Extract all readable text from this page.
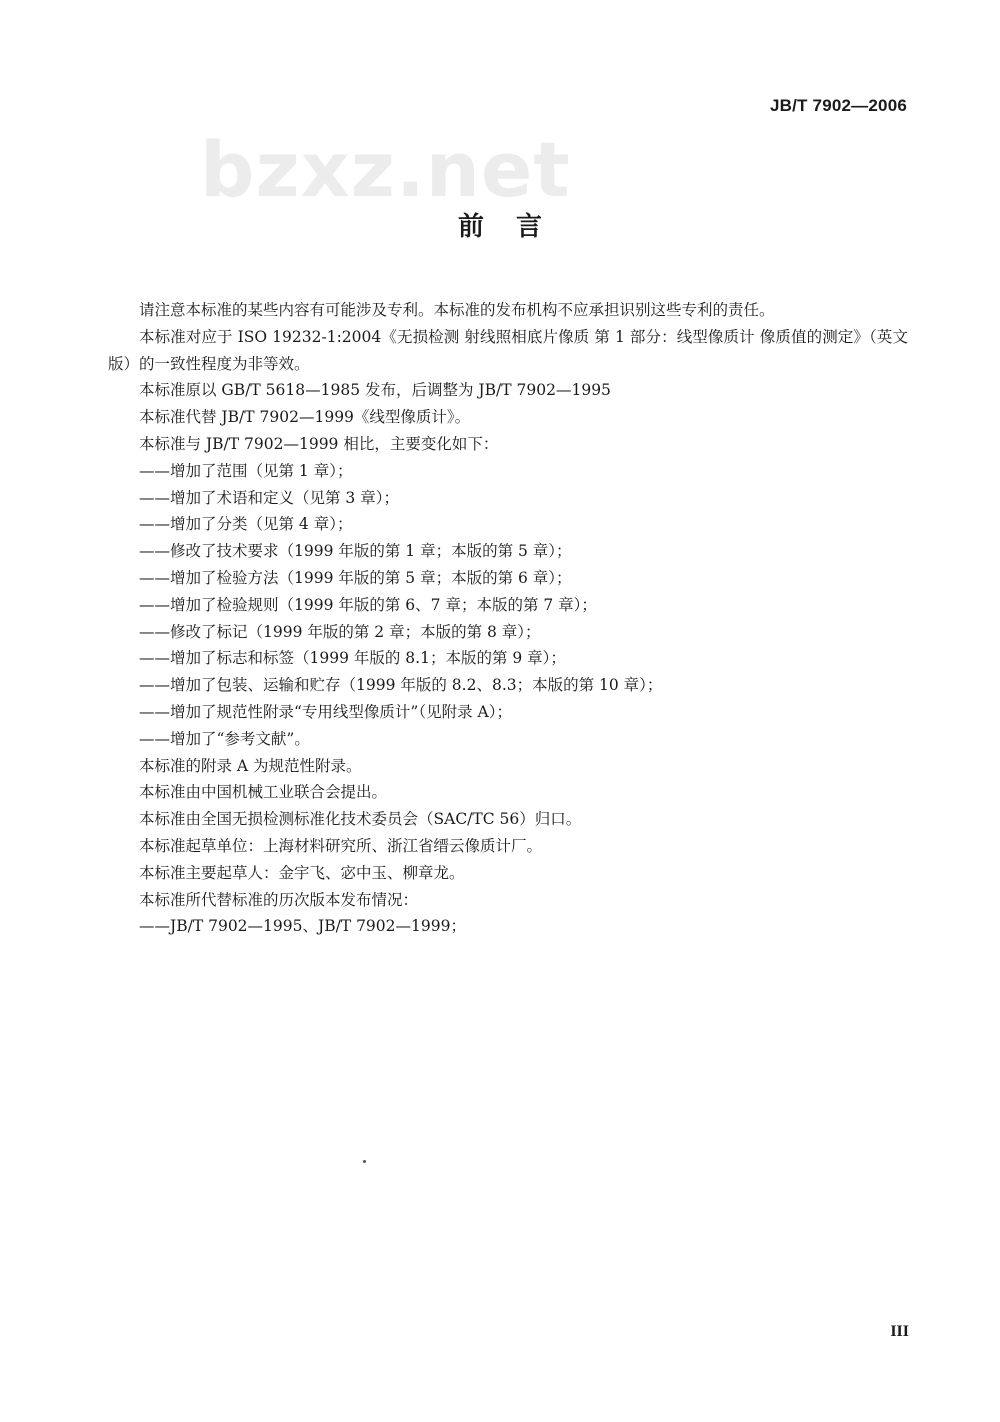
JB/T 7902—2006
bzxz.net
前言

请注意本标准的某些内容有可能涉及专利。本标准的发布机构不应承担识别这些专利的责任。

本标准对应于 ISO 19232-1:2004《无损检测 射线照相底片像质 第 1 部分：线型像质计 像质值的测定》（英文版）的一致性程度为非等效。

本标准原以 GB/T 5618—1985 发布，后调整为 JB/T 7902—1995

本标准代替 JB/T 7902—1999《线型像质计》。

本标准与 JB/T 7902—1999 相比，主要变化如下：

——增加了范围（见第 1 章）；

——增加了术语和定义（见第 3 章）；

——增加了分类（见第 4 章）；

——修改了技术要求（1999 年版的第 1 章；本版的第 5 章）；

——增加了检验方法（1999 年版的第 5 章；本版的第 6 章）；

——增加了检验规则（1999 年版的第 6、7 章；本版的第 7 章）；

——修改了标记（1999 年版的第 2 章；本版的第 8 章）；

——增加了标志和标签（1999 年版的 8.1；本版的第 9 章）；

——增加了包装、运输和贮存（1999 年版的 8.2、8.3；本版的第 10 章）；

——增加了规范性附录“专用线型像质计”（见附录 A）；

——增加了“参考文献”。

本标准的附录 A 为规范性附录。

本标准由中国机械工业联合会提出。

本标准由全国无损检测标准化技术委员会（SAC/TC 56）归口。

本标准起草单位：上海材料研究所、浙江省缙云像质计厂。

本标准主要起草人：金宇飞、宓中玉、柳章龙。

本标准所代替标准的历次版本发布情况：

——JB/T 7902—1995、JB/T 7902—1999；

III
